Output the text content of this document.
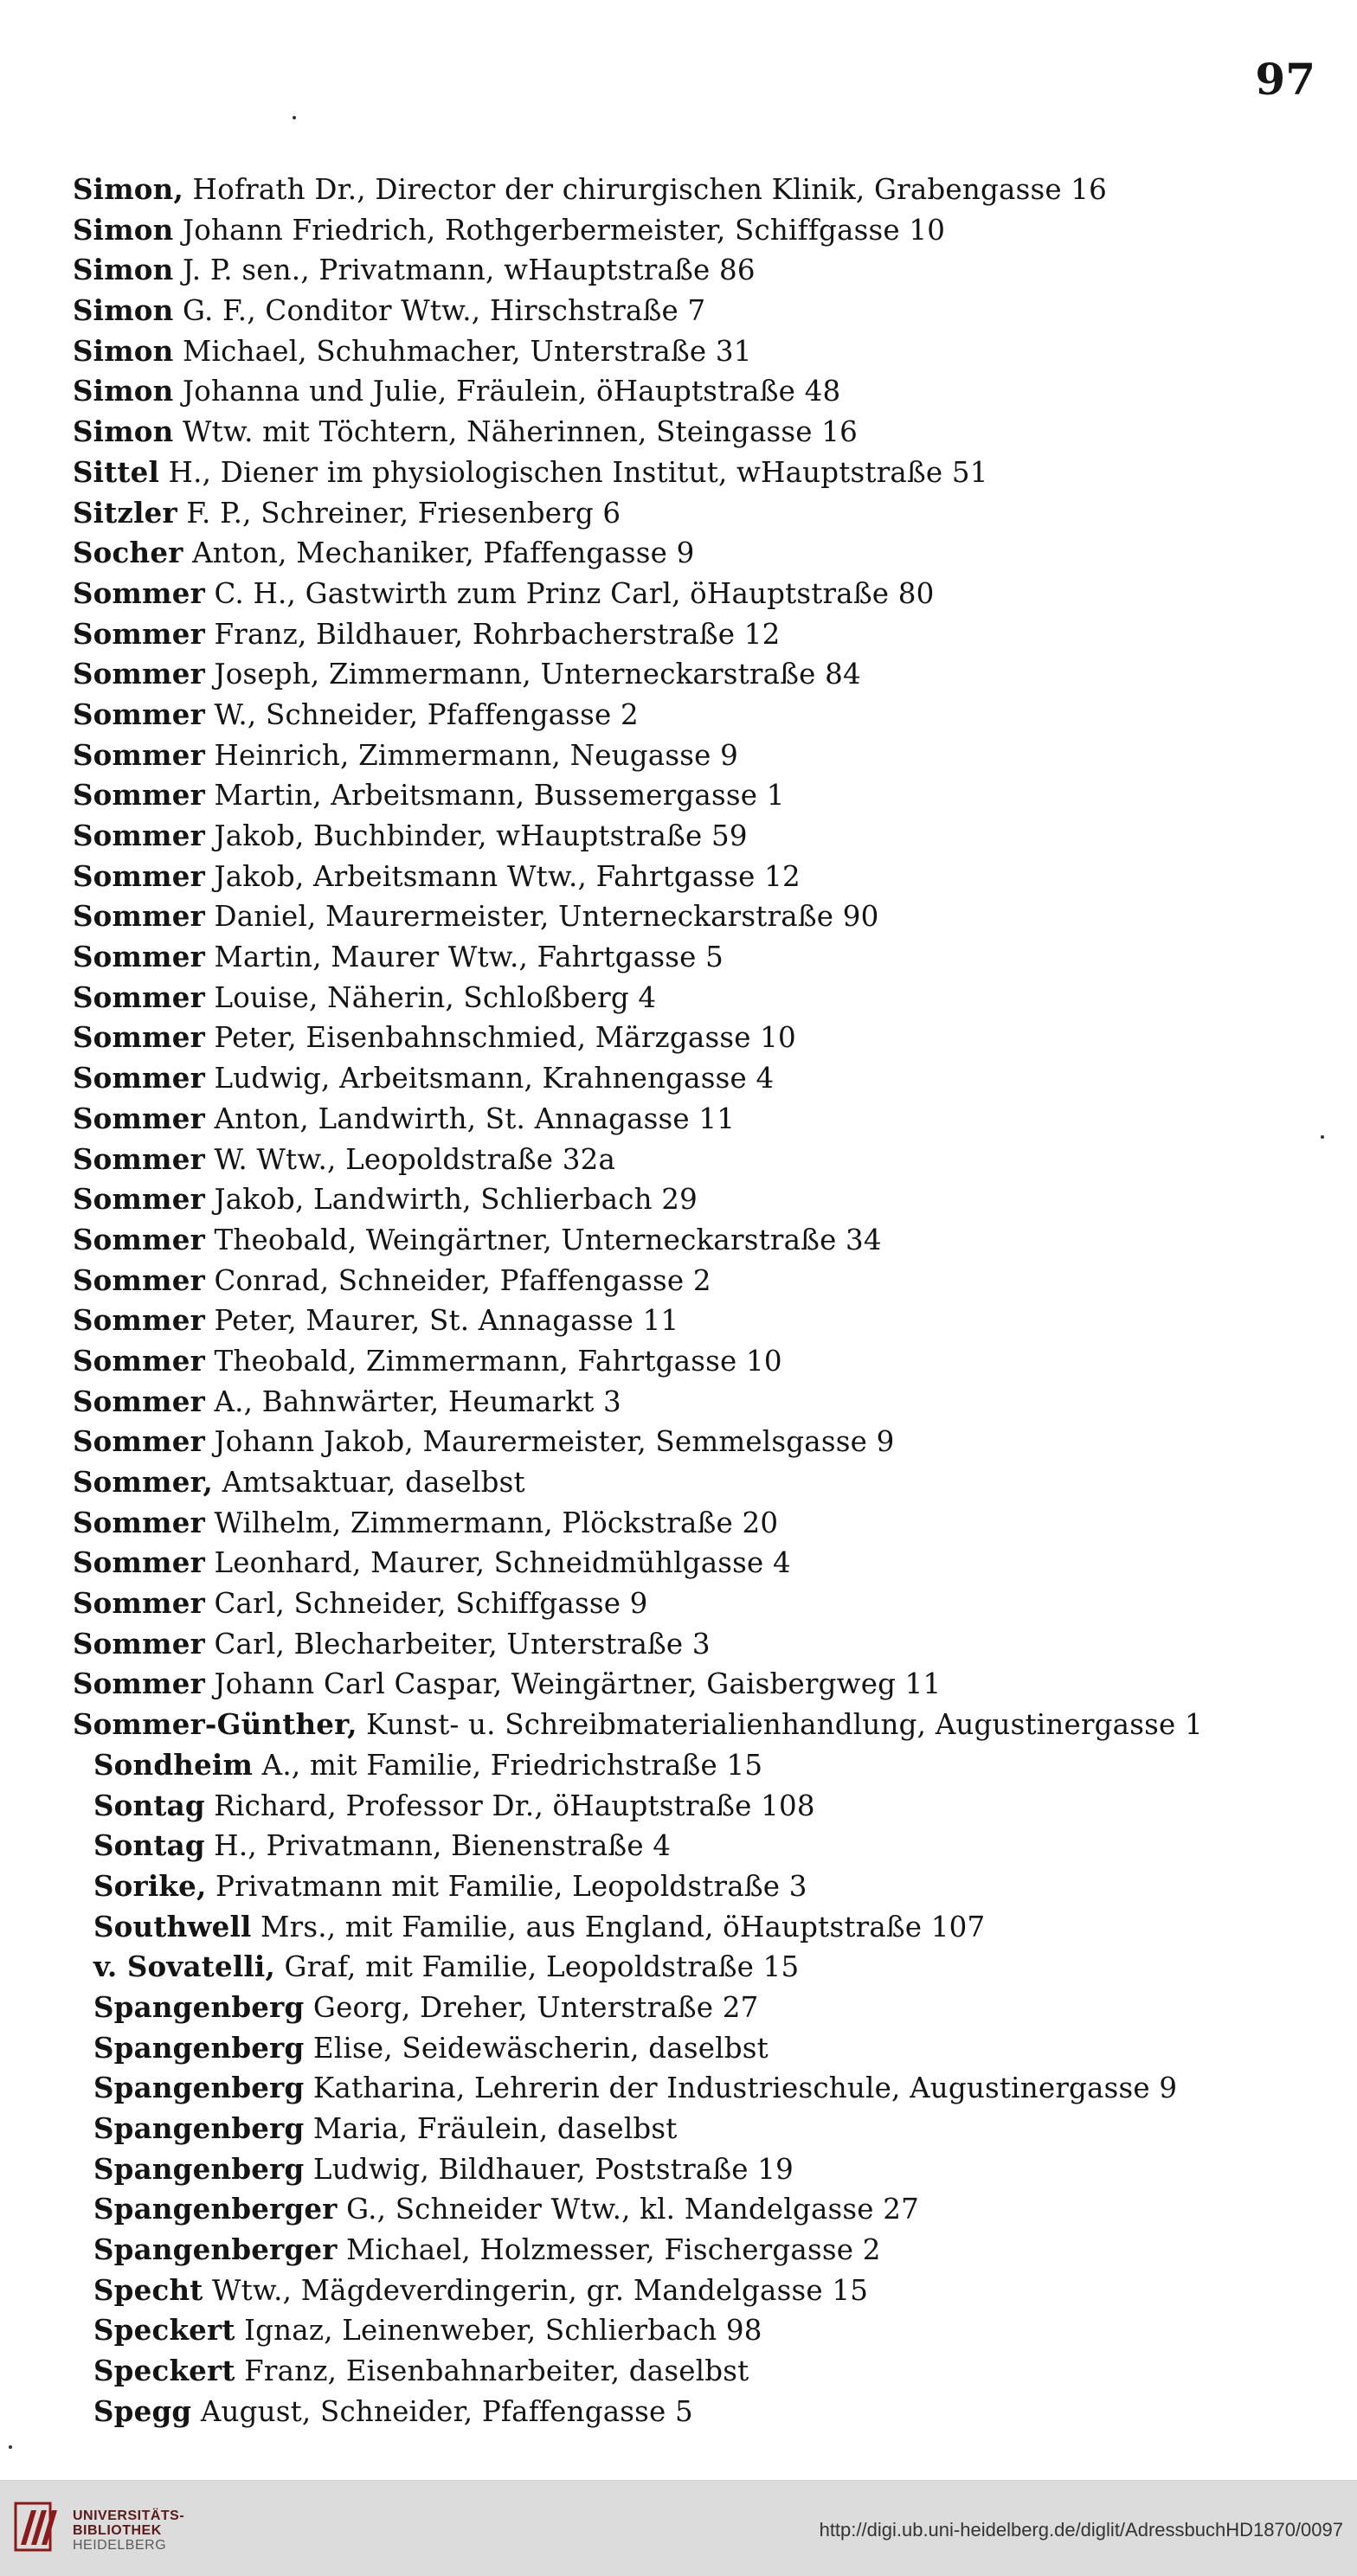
97
Simon, Hofrath Dr., Director der chirurgischen Klinik, Grabengasse 16
Simon Johann Friedrich, Rothgerbermeister, Schiffgasse 10
Simon J. P. sen., Privatmann, wHauptstraße 86
Simon G. F., Conditor Wtw., Hirschstraße 7
Simon Michael, Schuhmacher, Unterstraße 31
Simon Johanna und Julie, Fräulein, öHauptstraße 48
Simon Wtw. mit Töchtern, Näherinnen, Steingasse 16
Sittel H., Diener im physiologischen Institut, wHauptstraße 51
Sitzler F. P., Schreiner, Friesenberg 6
Socher Anton, Mechaniker, Pfaffengasse 9
Sommer C. H., Gastwirth zum Prinz Carl, öHauptstraße 80
Sommer Franz, Bildhauer, Rohrbacherstraße 12
Sommer Joseph, Zimmermann, Unterneckarstraße 84
Sommer W., Schneider, Pfaffengasse 2
Sommer Heinrich, Zimmermann, Neugasse 9
Sommer Martin, Arbeitsmann, Bussemergasse 1
Sommer Jakob, Buchbinder, wHauptstraße 59
Sommer Jakob, Arbeitsmann Wtw., Fahrtgasse 12
Sommer Daniel, Maurermeister, Unterneckarstraße 90
Sommer Martin, Maurer Wtw., Fahrtgasse 5
Sommer Louise, Näherin, Schloßberg 4
Sommer Peter, Eisenbahnschmied, Märzgasse 10
Sommer Ludwig, Arbeitsmann, Krahnengasse 4
Sommer Anton, Landwirth, St. Annagasse 11
Sommer W. Wtw., Leopoldstraße 32a
Sommer Jakob, Landwirth, Schlierbach 29
Sommer Theobald, Weingärtner, Unterneckarstraße 34
Sommer Conrad, Schneider, Pfaffengasse 2
Sommer Peter, Maurer, St. Annagasse 11
Sommer Theobald, Zimmermann, Fahrtgasse 10
Sommer A., Bahnwärter, Heumarkt 3
Sommer Johann Jakob, Maurermeister, Semmelsgasse 9
Sommer, Amtsaktuar, daselbst
Sommer Wilhelm, Zimmermann, Plöckstraße 20
Sommer Leonhard, Maurer, Schneidmühlgasse 4
Sommer Carl, Schneider, Schiffgasse 9
Sommer Carl, Blecharbeiter, Unterstraße 3
Sommer Johann Carl Caspar, Weingärtner, Gaisbergweg 11
Sommer-Günther, Kunst- u. Schreibmaterialienhandlung, Augustinergasse 1
Sondheim A., mit Familie, Friedrichstraße 15
Sontag Richard, Professor Dr., öHauptstraße 108
Sontag H., Privatmann, Bienenstraße 4
Sorike, Privatmann mit Familie, Leopoldstraße 3
Southwell Mrs., mit Familie, aus England, öHauptstraße 107
v. Sovatelli, Graf, mit Familie, Leopoldstraße 15
Spangenberg Georg, Dreher, Unterstraße 27
Spangenberg Elise, Seidewäscherin, daselbst
Spangenberg Katharina, Lehrerin der Industrieschule, Augustinergasse 9
Spangenberg Maria, Fräulein, daselbst
Spangenberg Ludwig, Bildhauer, Poststraße 19
Spangenberger G., Schneider Wtw., kl. Mandelgasse 27
Spangenberger Michael, Holzmesser, Fischergasse 2
Specht Wtw., Mägdeverdingerin, gr. Mandelgasse 15
Speckert Ignaz, Leinenweber, Schlierbach 98
Speckert Franz, Eisenbahnarbeiter, daselbst
Spegg August, Schneider, Pfaffengasse 5
UNIVERSITÄTS-
BIBLIOTHEK
HEIDELBERG
http://digi.ub.uni-heidelberg.de/diglit/AdressbuchHD1870/0097
